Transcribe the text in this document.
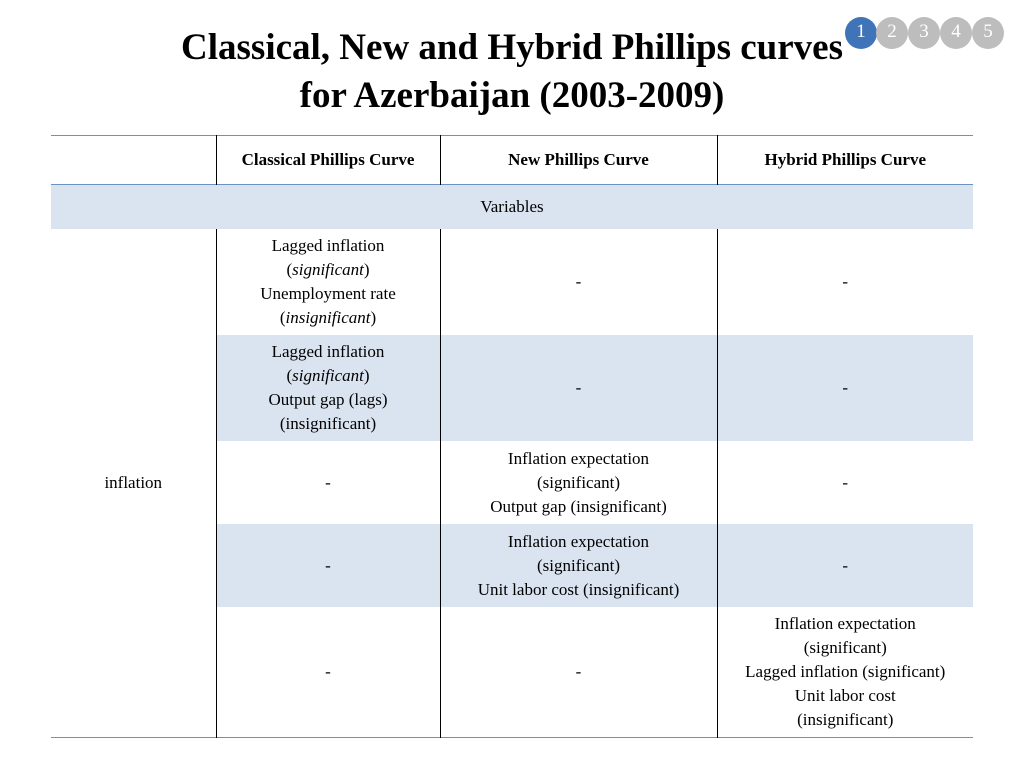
Classical, New and Hybrid Phillips curves
for Azerbaijan (2003-2009)
1	2	3	4	5
	Classical Phillips Curve	New Phillips Curve	Hybrid Phillips Curve
Variables			
inflation	Lagged inflation
(significant)
Unemployment rate
(insignificant)	-	-

	Lagged inflation
(significant)
Output gap (lags)
(insignificant)	-	-
	-	Inflation expectation
(significant)
Output gap (insignificant)	-
	-	Inflation expectation
(significant)
Unit labor cost (insignificant)	-
	-	-	Inflation expectation
(significant)
Lagged inflation (significant)
Unit labor cost
(insignificant)
